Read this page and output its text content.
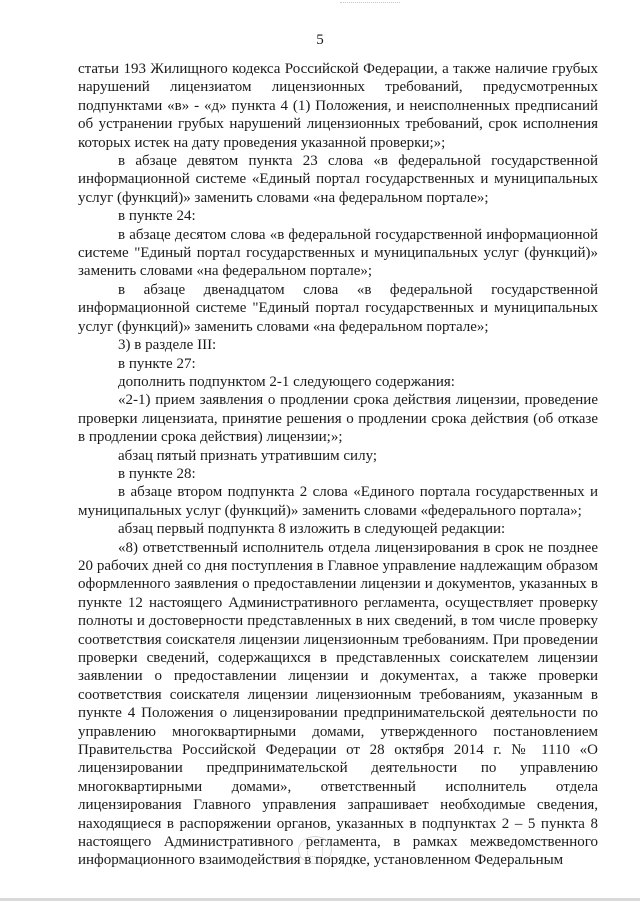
5

статьи 193 Жилищного кодекса Российской Федерации, а также наличие грубых нарушений лицензиатом лицензионных требований, предусмотренных подпунктами «в» - «д» пункта 4 (1) Положения, и неисполненных предписаний об устранении грубых нарушений лицензионных требований, срок исполнения которых истек на дату проведения указанной проверки;»;

в абзаце девятом пункта 23 слова «в федеральной государственной информационной системе «Единый портал государственных и муниципальных услуг (функций)» заменить словами «на федеральном портале»;

в пункте 24:

в абзаце десятом слова «в федеральной государственной информационной системе "Единый портал государственных и муниципальных услуг (функций)» заменить словами «на федеральном портале»;

в абзаце двенадцатом слова «в федеральной государственной информационной системе "Единый портал государственных и муниципальных услуг (функций)» заменить словами «на федеральном портале»;

3) в разделе III:

в пункте 27:

дополнить подпунктом 2-1 следующего содержания:

«2-1) прием заявления о продлении срока действия лицензии, проведение проверки лицензиата, принятие решения о продлении срока действия (об отказе в продлении срока действия) лицензии;»;

абзац пятый признать утратившим силу;

в пункте 28:

в абзаце втором подпункта 2 слова «Единого портала государственных и муниципальных услуг (функций)» заменить словами «федерального портала»;

абзац первый подпункта 8 изложить в следующей редакции:

«8) ответственный исполнитель отдела лицензирования в срок не позднее 20 рабочих дней со дня поступления в Главное управление надлежащим образом оформленного заявления о предоставлении лицензии и документов, указанных в пункте 12 настоящего Административного регламента, осуществляет проверку полноты и достоверности представленных в них сведений, в том числе проверку соответствия соискателя лицензии лицензионным требованиям. При проведении проверки сведений, содержащихся в представленных соискателем лицензии заявлении о предоставлении лицензии и документах, а также проверки соответствия соискателя лицензии лицензионным требованиям, указанным в пункте 4 Положения о лицензировании предпринимательской деятельности по управлению многоквартирными домами, утвержденного постановлением Правительства Российской Федерации от 28 октября 2014 г. № 1110 «О лицензировании предпринимательской деятельности по управлению многоквартирными домами», ответственный исполнитель отдела лицензирования Главного управления запрашивает необходимые сведения, находящиеся в распоряжении органов, указанных в подпунктах 2 – 5 пункта 8 настоящего Административного регламента, в рамках межведомственного информационного взаимодействия в порядке, установленном Федеральным
